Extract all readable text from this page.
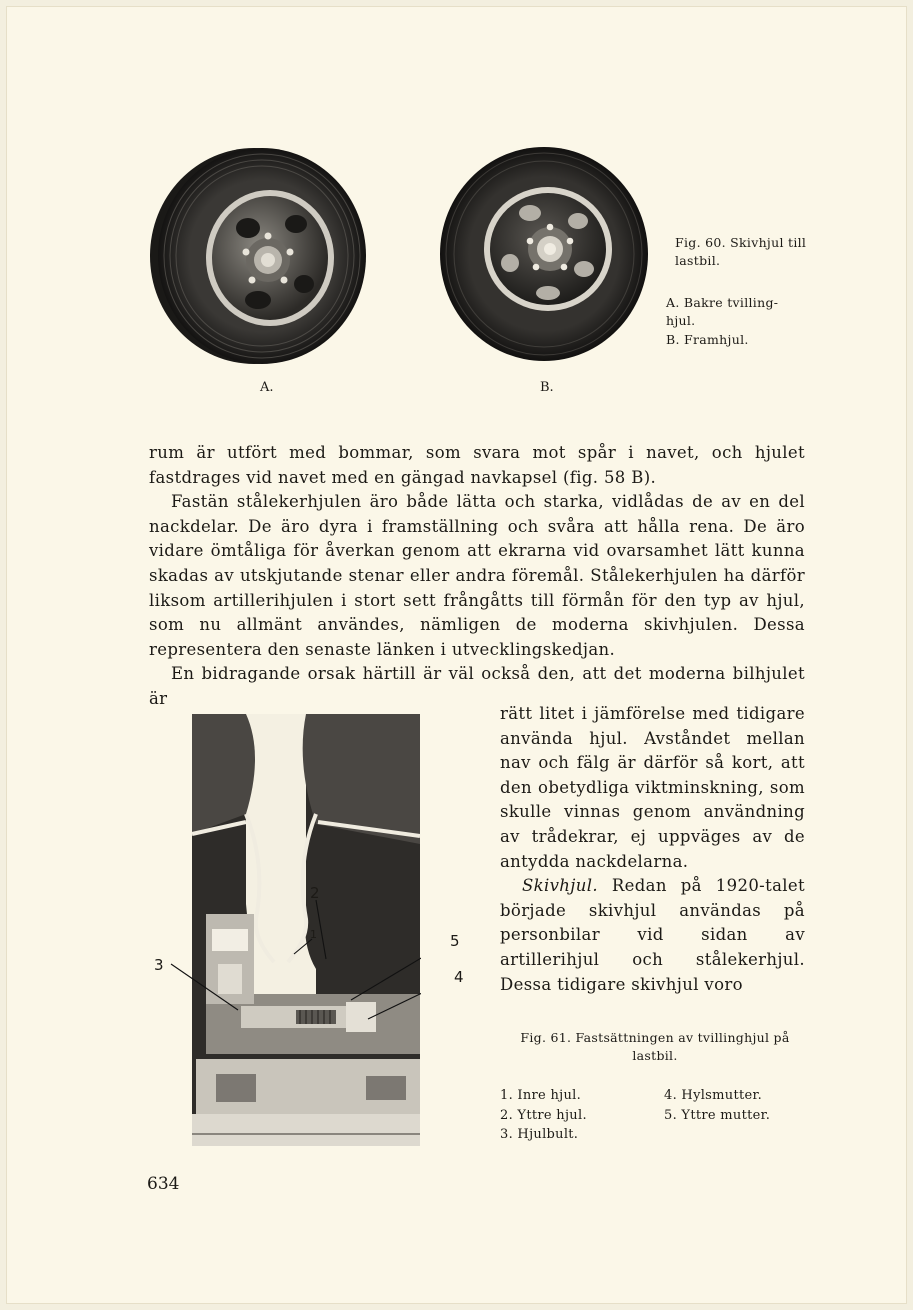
A.	B.
Fig. 60. Skivhjul till lastbil.
A. Bakre tvilling-hjul.
B. Framhjul.

rum är utfört med bommar, som svara mot spår i navet, och hjulet fastdrages vid navet med en gängad navkapsel (fig. 58 B).

Fastän stålekerhjulen äro både lätta och starka, vidlådas de av en del nackdelar. De äro dyra i framställning och svåra att hålla rena. De äro vidare ömtåliga för åverkan genom att ekrarna vid ovarsamhet lätt kunna skadas av utskjutande stenar eller andra föremål. Stålekerhjulen ha därför liksom artillerihjulen i stort sett frångåtts till förmån för den typ av hjul, som nu allmänt användes, nämligen de moderna skivhjulen. Dessa representera den senaste länken i utvecklingskedjan.

En bidragande orsak härtill är väl också den, att det moderna bilhjulet är

1
2
3
4
5

rätt litet i jämförelse med tidigare använda hjul. Avståndet mellan nav och fälg är därför så kort, att den obetydliga viktminskning, som skulle vinnas genom användning av trådekrar, ej uppväges av de antydda nackdelarna.

Skivhjul. Redan på 1920-talet började skivhjul användas på personbilar vid sidan av artillerihjul och stålekerhjul. Dessa tidigare skivhjul voro

Fig. 61. Fastsättningen av tvillinghjul på lastbil.
1. Inre hjul.
2. Yttre hjul.
3. Hjulbult.
4. Hylsmutter.
5. Yttre mutter.
634
